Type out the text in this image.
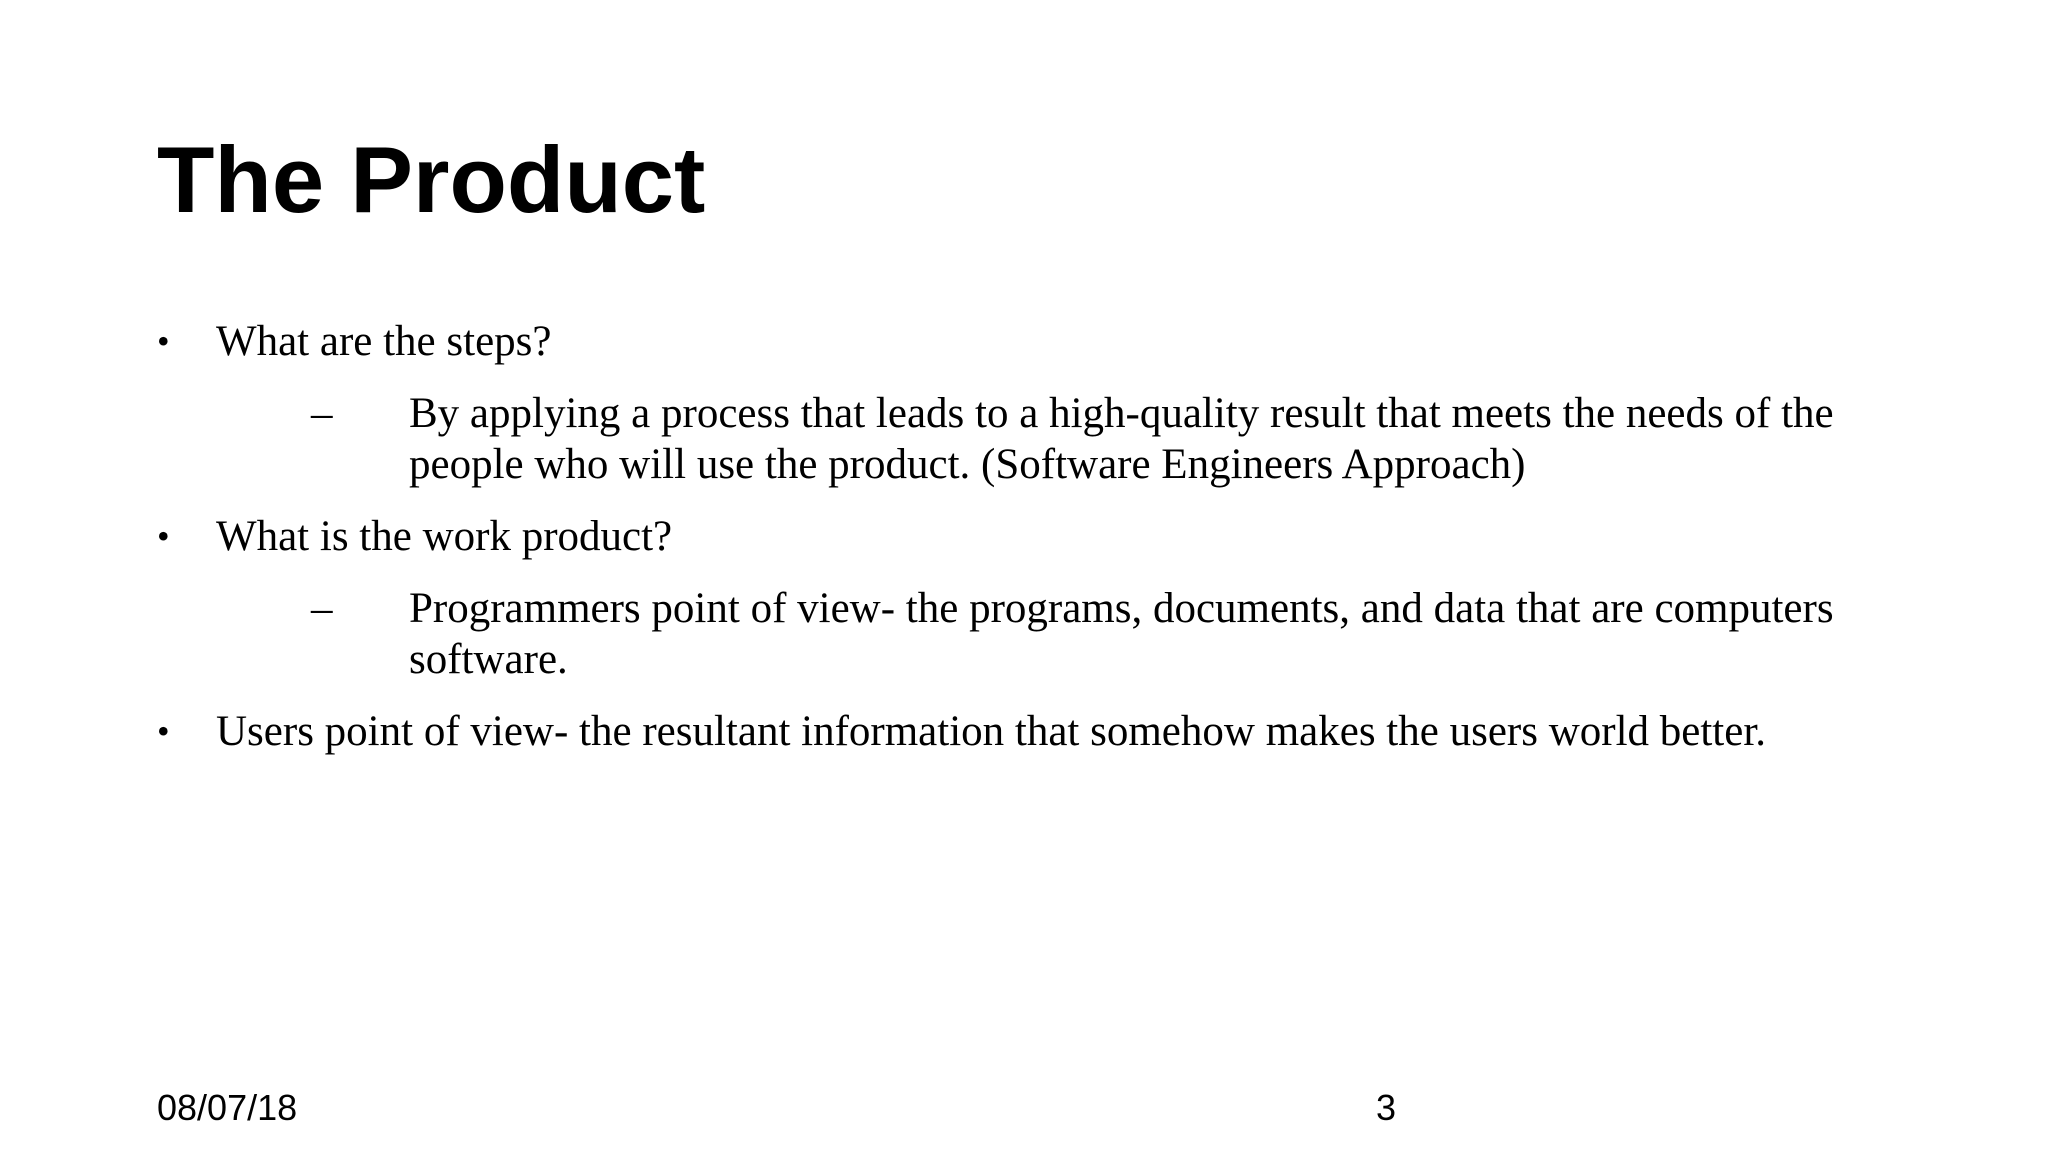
The Product
• What are the steps?
– By applying a process that leads to a high-quality result that meets the needs of the people who will use the product. (Software Engineers Approach)
• What is the work product?
– Programmers point of view- the programs, documents, and data that are computers software.
• Users point of view- the resultant information that somehow makes the users world better.
08/07/18	3
